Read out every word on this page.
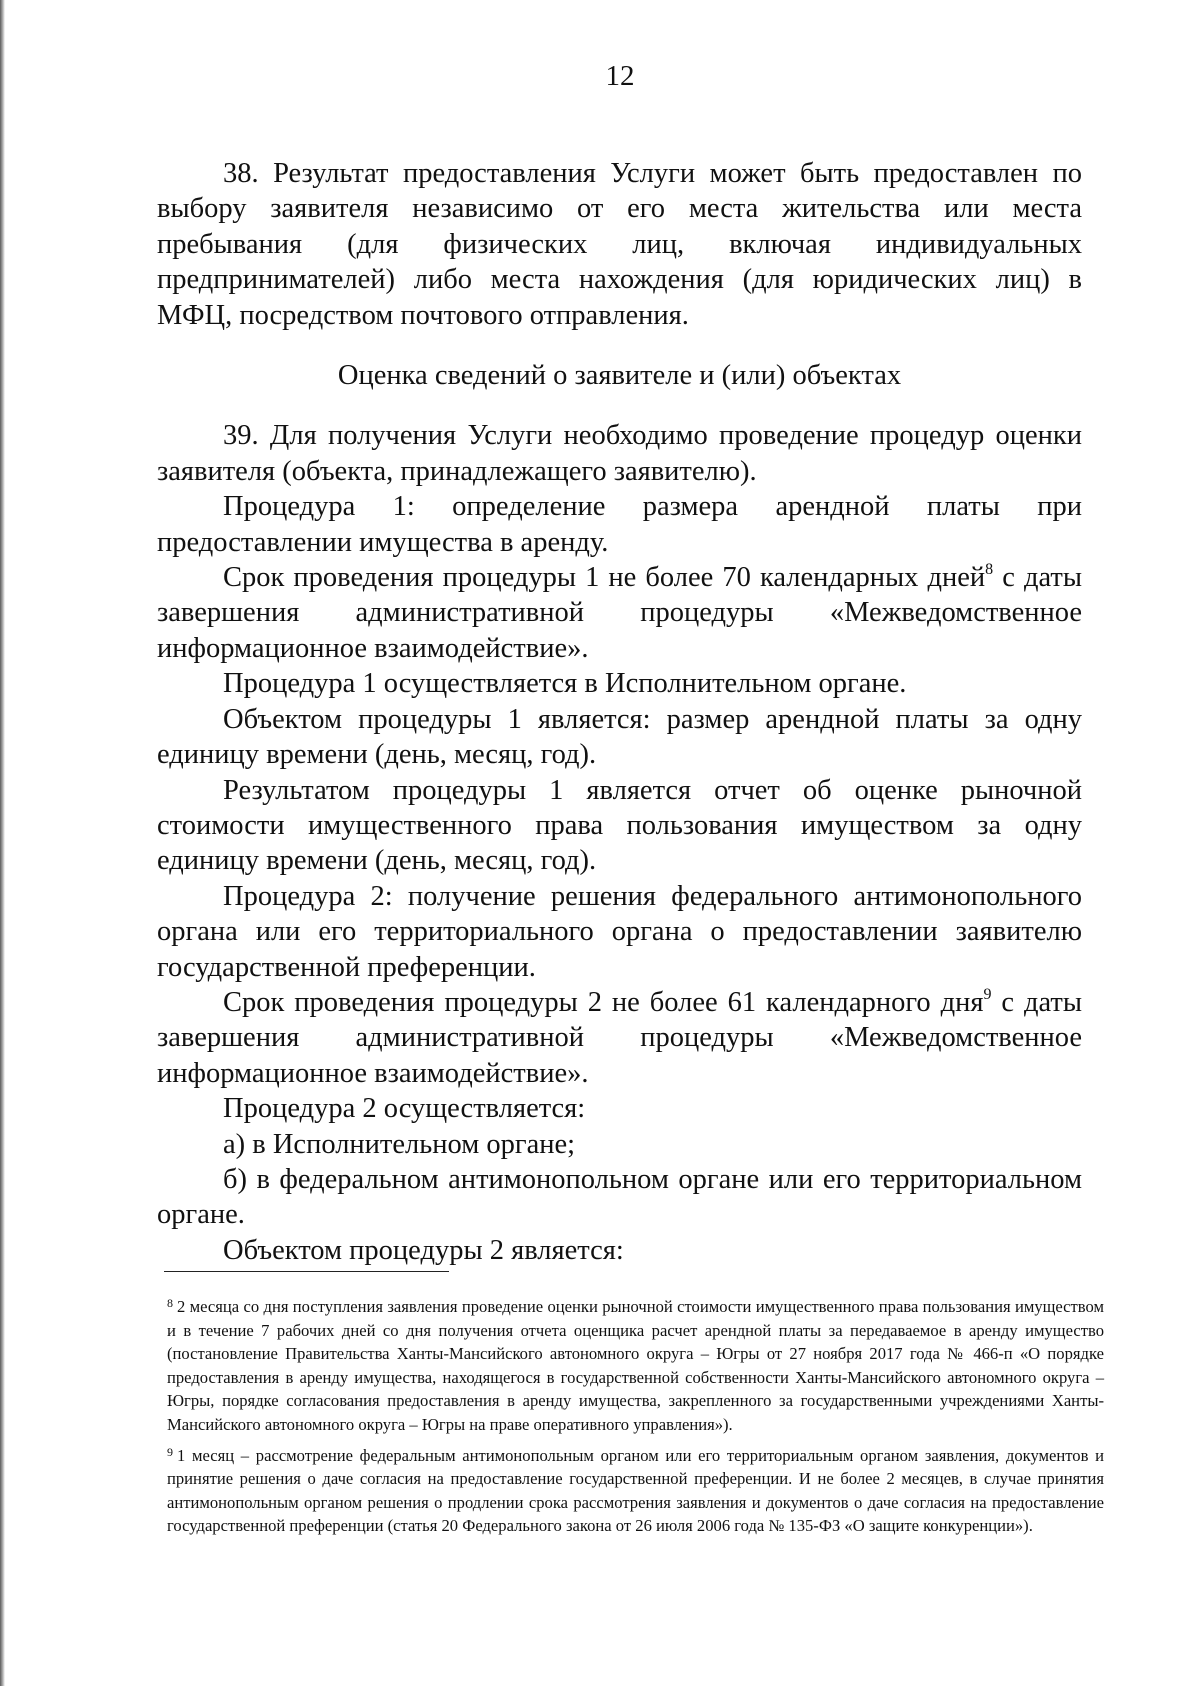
12

38. Результат предоставления Услуги может быть предоставлен по выбору заявителя независимо от его места жительства или места пребывания (для физических лиц, включая индивидуальных предпринимателей) либо места нахождения (для юридических лиц) в МФЦ, посредством почтового отправления.

Оценка сведений о заявителе и (или) объектах

39. Для получения Услуги необходимо проведение процедур оценки заявителя (объекта, принадлежащего заявителю).

Процедура 1: определение размера арендной платы при предоставлении имущества в аренду.

Срок проведения процедуры 1 не более 70 календарных дней$^8$ с даты завершения административной процедуры «Межведомственное информационное взаимодействие».

Процедура 1 осуществляется в Исполнительном органе.

Объектом процедуры 1 является: размер арендной платы за одну единицу времени (день, месяц, год).

Результатом процедуры 1 является отчет об оценке рыночной стоимости имущественного права пользования имуществом за одну единицу времени (день, месяц, год).

Процедура 2: получение решения федерального антимонопольного органа или его территориального органа о предоставлении заявителю государственной преференции.

Срок проведения процедуры 2 не более 61 календарного дня$^9$ с даты завершения административной процедуры «Межведомственное информационное взаимодействие».

Процедура 2 осуществляется:

а) в Исполнительном органе;

б) в федеральном антимонопольном органе или его территориальном органе.

Объектом процедуры 2 является:

$^8$ 2 месяца со дня поступления заявления проведение оценки рыночной стоимости имущественного права пользования имуществом и в течение 7 рабочих дней со дня получения отчета оценщика расчет арендной платы за передаваемое в аренду имущество (постановление Правительства Ханты-Мансийского автономного округа – Югры от 27 ноября 2017 года № 466-п «О порядке предоставления в аренду имущества, находящегося в государственной собственности Ханты-Мансийского автономного округа – Югры, порядке согласования предоставления в аренду имущества, закрепленного за государственными учреждениями Ханты-Мансийского автономного округа – Югры на праве оперативного управления»).

$^9$ 1 месяц – рассмотрение федеральным антимонопольным органом или его территориальным органом заявления, документов и принятие решения о даче согласия на предоставление государственной преференции. И не более 2 месяцев, в случае принятия антимонопольным органом решения о продлении срока рассмотрения заявления и документов о даче согласия на предоставление государственной преференции (статья 20 Федерального закона от 26 июля 2006 года № 135-ФЗ «О защите конкуренции»).
